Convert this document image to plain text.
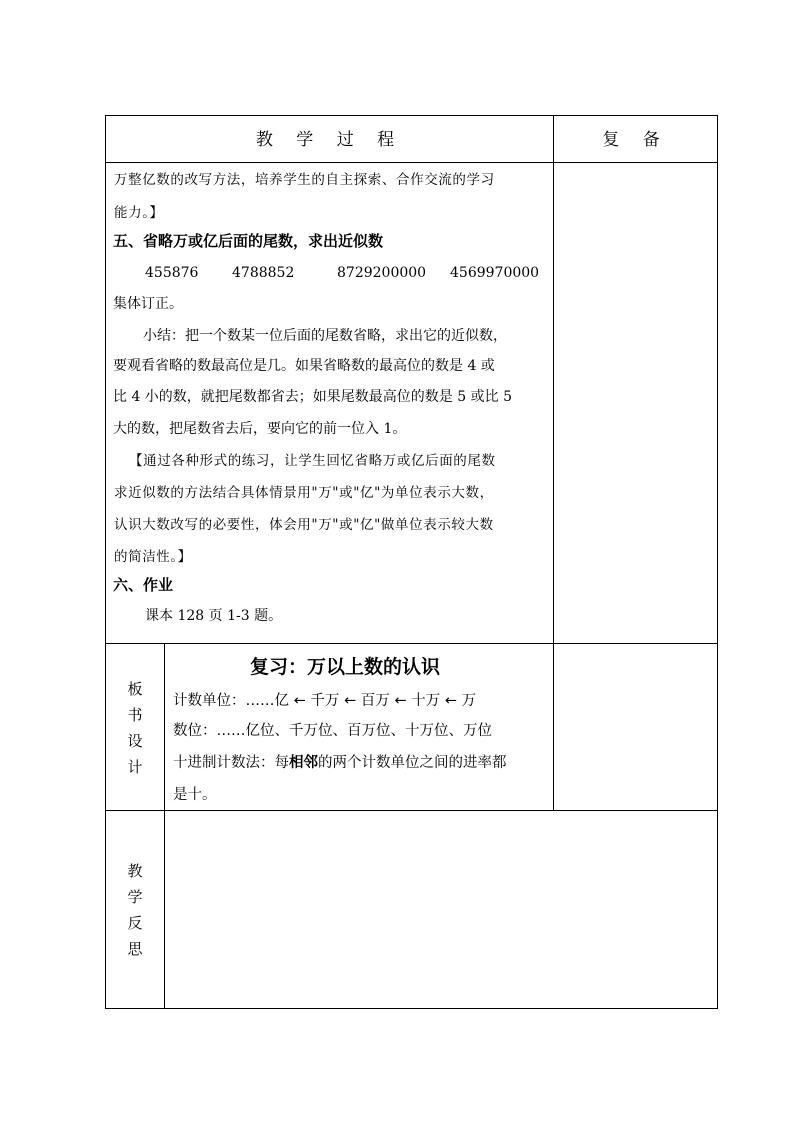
教 学 过 程	复 备
万整亿数的改写方法，培养学生的自主探索、合作交流的学习
能力。】
五、省略万或亿后面的尾数，求出近似数
455876 4788852	8729200000 4569970000
集体订正。
小结：把一个数某一位后面的尾数省略，求出它的近似数，
要观看省略的数最高位是几。如果省略数的最高位的数是 4 或
比 4 小的数，就把尾数都省去；如果尾数最高位的数是 5 或比 5
大的数，把尾数省去后，要向它的前一位入 1。
【通过各种形式的练习，让学生回忆省略万或亿后面的尾数
求近似数的方法结合具体情景用"万"或"亿"为单位表示大数，
认识大数改写的必要性，体会用"万"或"亿"做单位表示较大数
的简洁性。】
六、作业
课本 128 页 1-3 题。
板书设计
复习：万以上数的认识
计数单位：……亿 ← 千万 ← 百万 ← 十万 ← 万
数位：……亿位、千万位、百万位、十万位、万位
十进制计数法：每相邻的两个计数单位之间的进率都
是十。
教学反思
